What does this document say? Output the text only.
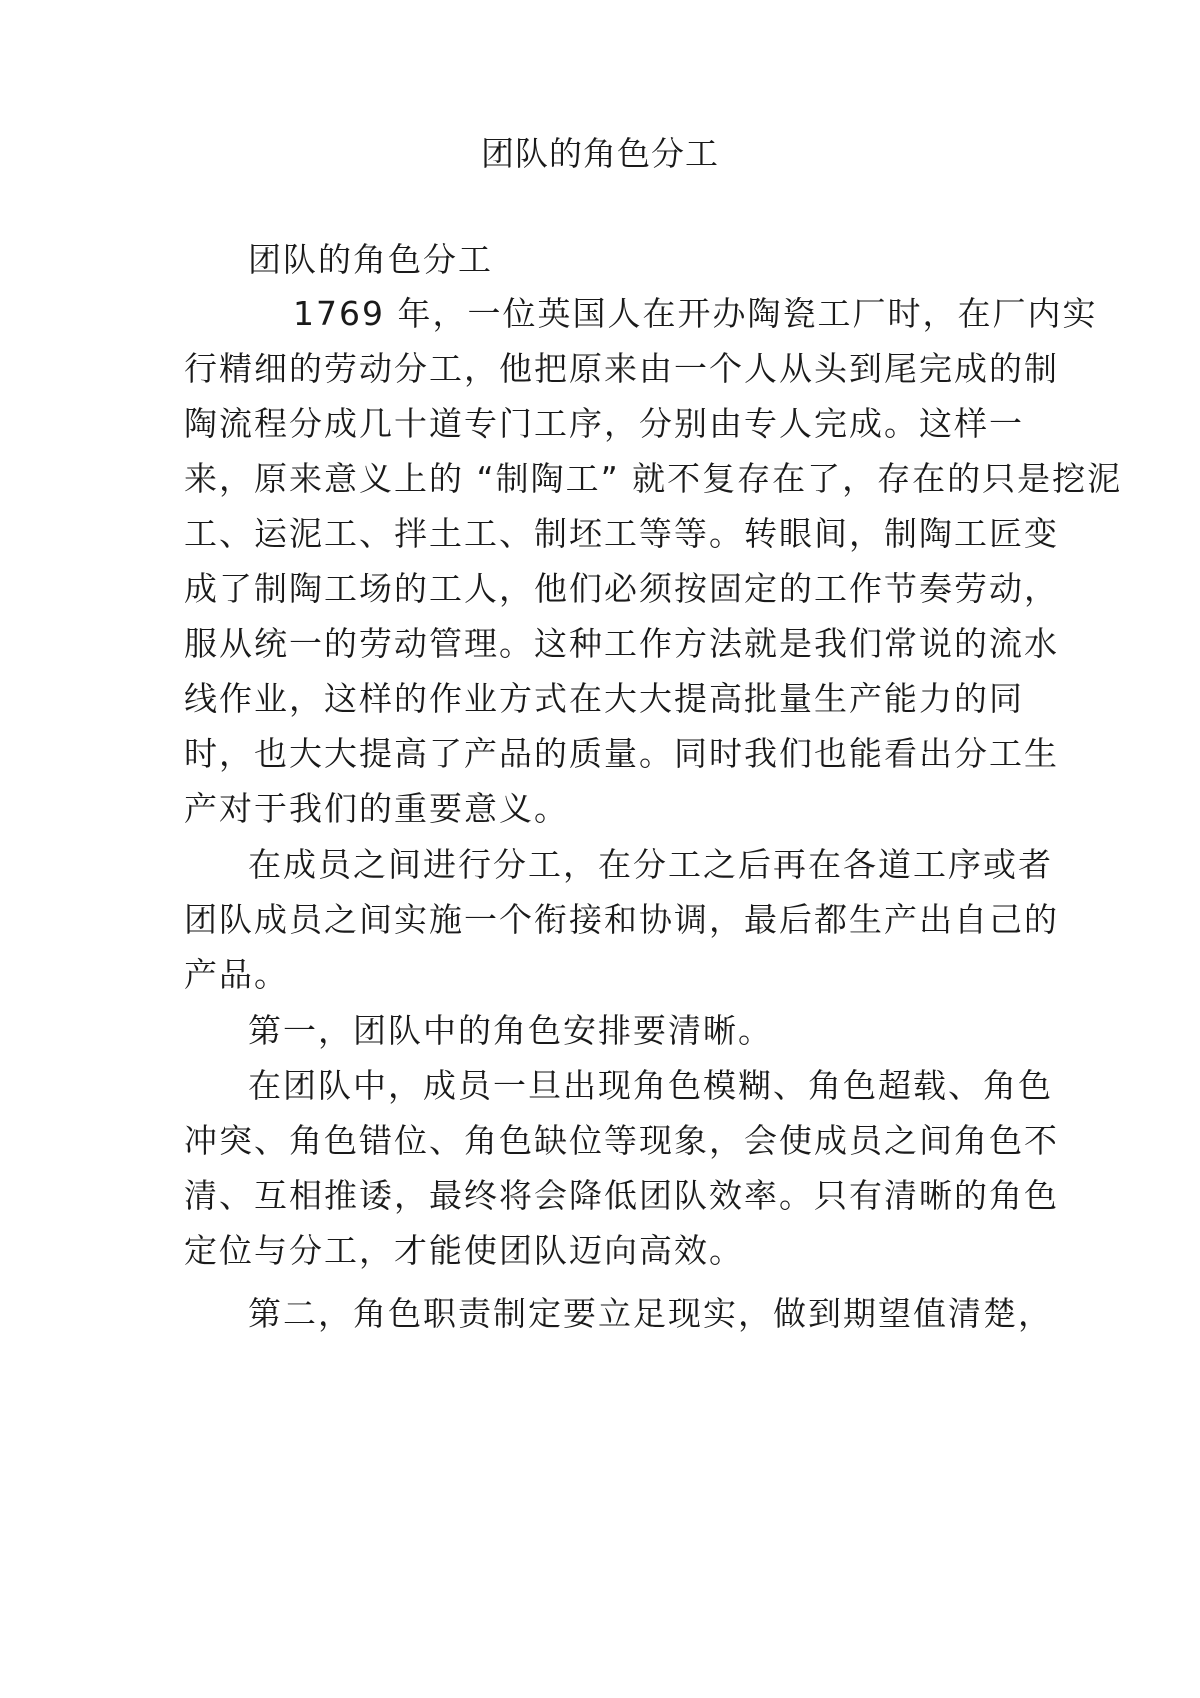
团队的角色分工

团队的角色分工

1769 年，一位英国人在开办陶瓷工厂时，在厂内实

行精细的劳动分工，他把原来由一个人从头到尾完成的制

陶流程分成几十道专门工序，分别由专人完成。这样一

来，原来意义上的 “制陶工” 就不复存在了，存在的只是挖泥

工、运泥工、拌土工、制坯工等等。转眼间，制陶工匠变

成了制陶工场的工人，他们必须按固定的工作节奏劳动，

服从统一的劳动管理。这种工作方法就是我们常说的流水

线作业，这样的作业方式在大大提高批量生产能力的同

时，也大大提高了产品的质量。同时我们也能看出分工生

产对于我们的重要意义。

在成员之间进行分工，在分工之后再在各道工序或者

团队成员之间实施一个衔接和协调，最后都生产出自己的

产品。

第一，团队中的角色安排要清晰。

在团队中，成员一旦出现角色模糊、角色超载、角色

冲突、角色错位、角色缺位等现象，会使成员之间角色不

清、互相推诿，最终将会降低团队效率。只有清晰的角色

定位与分工，才能使团队迈向高效。

第二，角色职责制定要立足现实，做到期望值清楚，
